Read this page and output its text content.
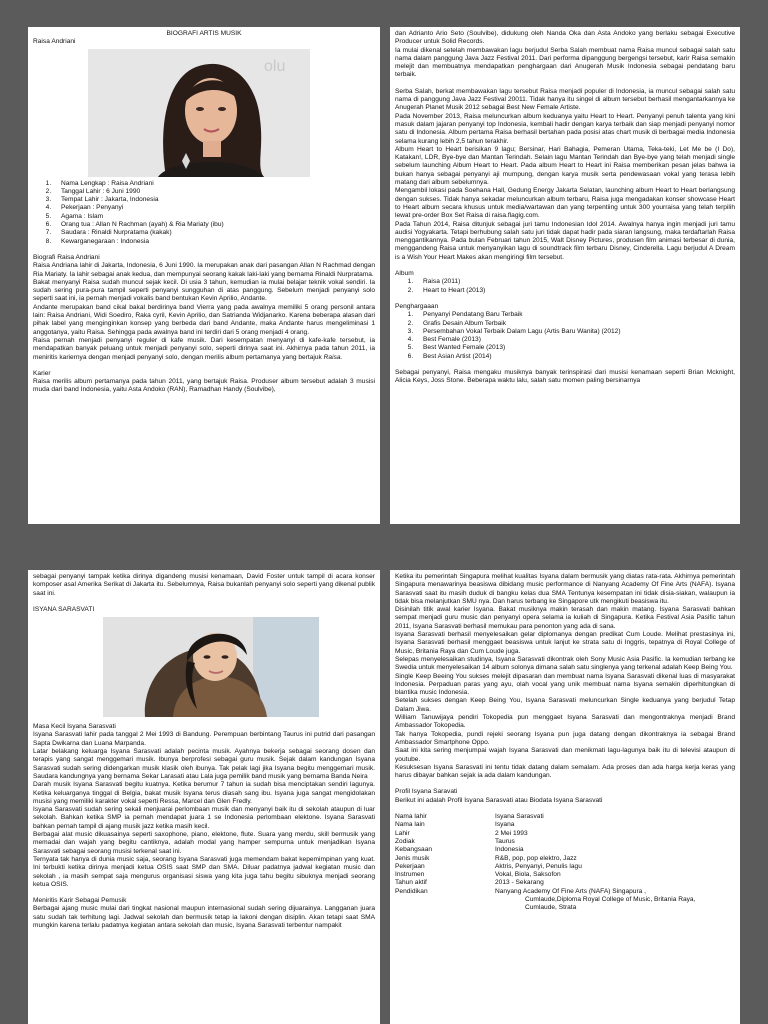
BIOGRAFI ARTIS MUSIK
Raisa Andriani
olu
1. Nama Lengkap : Raisa Andriani
2. Tanggal Lahir : 6 Juni 1990
3. Tempat Lahir : Jakarta, Indonesia
4. Pekerjaan : Penyanyi
5. Agama : Islam
6. Orang tua : Allan N Rachman (ayah) & Ria Mariaty (ibu)
7. Saudara : Rinaldi Nurpratama (kakak)
8. Kewarganegaraan : Indonesia
Biografi Raisa Andriani

Raisa Andriana lahir di Jakarta, Indonesia, 6 Juni 1990. Ia merupakan anak dari pasangan Allan N Rachmad dengan Ria Mariaty. Ia lahir sebagai anak kedua, dan mempunyai seorang kakak laki-laki yang bernama Rinaldi Nurpratama.

Bakat menyanyi Raisa sudah muncul sejak kecil. Di usia 3 tahun, kemudian ia mulai belajar teknik vokal sendiri. Ia sudah sering pura-pura tampil seperti penyanyi sungguhan di atas panggung. Sebelum menjadi penyanyi solo seperti saat ini, ia pernah menjadi vokalis band bentukan Kevin Aprilio, Andante.

Andante merupakan band cikal bakal berdirinya band Vierra yang pada awalnya memiliki 5 orang personil antara lain: Raisa Andriani, Widi Soediro, Raka cyril, Kevin Aprilio, dan Satrianda Widjanarko. Karena beberapa alasan dari pihak label yang menginginkan konsep yang berbeda dari band Andante, maka Andante harus mengeliminasi 1 anggotanya, yaitu Raisa. Sehingga pada awalnya band ini terdiri dari 5 orang menjadi 4 orang.

Raisa pernah menjadi penyanyi reguler di kafe musik. Dari kesempatan menyanyi di kafe-kafe tersebut, ia mendapatkan banyak peluang untuk menjadi penyanyi solo, seperti dirinya saat ini. Akhirnya pada tahun 2011, ia meniritis kariernya dengan menjadi penyanyi solo, dengan merilis album pertamanya yang bertajuk Raisa.

Karier

Raisa merilis album pertamanya pada tahun 2011, yang bertajuk Raisa. Produser album tersebut adalah 3 musisi muda dari band Indonesia, yaitu Asta Andoko (RAN), Ramadhan Handy (Soulvibe),

dan Adrianto Ario Seto (Soulvibe), didukung oleh Nanda Oka dan Asta Andoko yang berlaku sebagai Executive Producer untuk Solid Records.

Ia mulai dikenal setelah membawakan lagu berjudul Serba Salah membuat nama Raisa muncul sebagai salah satu nama dalam panggung Java Jazz Festival 2011. Dari performa dipanggung bergengsi tersebut, karir Raisa semakin melejit dan membuatnya mendapatkan penghargaan dari Anugerah Musik Indonesia sebagai pendatang baru terbaik.

Serba Salah, berkat membawakan lagu tersebut Raisa menjadi populer di Indonesia, ia muncul sebagai salah satu nama di panggung Java Jazz Festival 20011. Tidak hanya itu singel di album tersebut berhasil mengantarkannya ke Anugerah Planet Musik 2012 sebagai Best New Female Artiste.

Pada November 2013, Raisa meluncurkan album keduanya yaitu Heart to Heart. Penyanyi penuh talenta yang kini masuk dalam jajaran penyanyi top Indonesia, kembali hadir dengan karya terbaik dan siap menjadi penyanyi nomor satu di Indonesia. Album pertama Raisa berhasil bertahan pada posisi atas chart musik di berbagai media Indonesia selama kurang lebih 2,5 tahun terakhir.

Album Heart to Heart berisikan 9 lagu; Bersinar, Hari Bahagia, Pemeran Utama, Teka-teki, Let Me be (I Do), Katakan!, LDR, Bye-bye dan Mantan Terindah. Selain lagu Mantan Terindah dan Bye-bye yang telah menjadi single sebelum launching Album Heart to Heart. Pada album Heart to Heart ini Raisa memberikan pesan jelas bahwa ia bukan hanya sebagai penyanyi aji mumpung, dengan karya musik serta pendewasaan vokal yang terasa lebih matang dari album sebelumnya.

Mengambil lokasi pada Soehana Hall, Gedung Energy Jakarta Selatan, launching album Heart to Heart berlangsung dengan sukses. Tidak hanya sekadar meluncurkan album terbaru, Raisa juga mengadakan konser showcase Heart to Heart album secara khusus untuk media/wartawan dan yang terpentiing untuk 300 yourraisa yang telah terpilih lewat pre-order Box Set Raisa di raisa.flagig.com.

Pada Tahun 2014, Raisa ditunjuk sebagai juri tamu Indonesian Idol 2014. Awalnya hanya ingin menjadi juri tamu audisi Yogyakarta. Tetapi berhubung salah satu juri tidak dapat hadir pada siaran langsung, maka terdaftarlah Raisa menggantikannya. Pada bulan Februari tahun 2015, Walt Disney Pictures, produsen film animasi terbesar di dunia, menggandeng Raisa untuk menyanyikan lagu di soundtrack film terbaru Disney, Cinderella. Lagu berjudul A Dream is a Wish Your Heart Makes akan mengiringi film tersebut.

Album
1. Raisa (2011)
2. Heart to Heart (2013)
Penghargaaan
1. Penyanyi Pendatang Baru Terbaik
2. Grafis Desain Album Terbaik
3. Persembahan Vokal Terbaik Dalam Lagu (Artis Baru Wanita) (2012)
4. Best Female (2013)
5. Best Wanted Female (2013)
6. Best Asian Artist (2014)

Sebagai penyanyi, Raisa mengaku musiknya banyak terinspirasi dari musisi kenamaan seperti Brian Mcknight, Alicia Keys, Joss Stone. Beberapa waktu lalu, salah satu momen paling bersinarnya

sebagai penyanyi tampak ketika dirinya digandeng musisi kenamaan, David Foster untuk tampil di acara konser komposer asal Amerika Serikat di Jakarta itu. Sebelumnya, Raisa bukanlah penyanyi solo seperti yang dikenal publik saat ini.

ISYANA SARASVATI
Masa Kecil Isyana Sarasvati

Isyana Sarasvati lahir pada tanggal 2 Mei 1993 di Bandung. Perempuan berbintang Taurus ini putrid dari pasangan Sapta Dwikarna dan Luana Marpanda.

Latar belakang keluarga Isyana Sarasvati adalah pecinta musik. Ayahnya bekerja sebagai seorang dosen dan terapis yang sangat menggemari musik. Ibunya berprofesi sebagai guru musik. Sejak dalam kandungan Isyana Sarasvati sudah sering didengarkan musik klasik oleh ibunya. Tak pelak lagi jika Isyana begitu menggemari musik. Saudara kandungnya yang bernama Sekar Larasati atau Lala juga pemilik band musik yang bernama Banda Neira

Darah musik Isyana Sarasvati begitu kuatnya. Ketika berumur 7 tahun ia sudah bisa menciptakan sendiri lagunya. Ketika keluarganya tinggal di Belgia, bakat musik Isyana terus diasah sang ibu. Isyana juga sangat mengidolakan musisi yang memiliki karakter vokal seperti Ressa, Marcel dan Glen Fredly.

Isyana Sarasvati sudah sering sekali menjuarai perlombaan musik dan menyanyi baik itu di sekolah ataupun di luar sekolah. Bahkan ketika SMP ia pernah mendapat juara 1 se Indonesia perlombaan elektone. Isyana Sarasvati bahkan pernah tampil di ajang musik jazz ketika masih kecil.

Berbagai alat music dikuasainya seperti saxophone, piano, elektone, flute. Suara yang merdu, skill bermusik yang memadai dan wajah yang begitu cantiknya, adalah modal yang hamper sempurna untuk menjadikan Isyana Sarasvati sebagai seorang musisi terkenal saat ini.

Ternyata tak hanya di dunia music saja, seorang Isyana Sarasvati juga memendam bakat kepemimpinan yang kuat. Ini terbukti ketika dirinya menjadi ketua OSIS saat SMP dan SMA. Diluar padatnya jadwal kegiatan music dan sekolah , ia masih sempat saja mengurus organisasi siswa yang kita juga tahu begitu sibuknya menjadi seorang ketua OSIS.

Meniritis Karir Sebagai Pemusik

Berbagai ajang music mulai dari tingkat nasional maupun internasional sudah sering dijuarainya. Langganan juara satu sudah tak terhitung lagi. Jadwal sekolah dan bermusik tetap ia lakoni dengan disiplin. Akan tetapi saat SMA mungkin karena terlalu padatnya kegiatan antara sekolah dan music, Isyana Sarasvati terbentur nampakit

Ketika itu pemerintah Singapura melihat kualitas Isyana dalam bermusik yang diatas rata-rata. Akhirnya pemerintah Singapura menawarinya beasiswa dibidang music performance di Nanyang Academy Of Fine Arts (NAFA). Isyana Sarasvati saat itu masih duduk di bangku kelas dua SMA Tentunya kesempatan ini tidak disia-siakan, walaupun ia tidak bisa melanjutkan SMU nya. Dan harus terbang ke Singapore utk mengikuti beasiswa itu.

Disinilah titik awal karier Isyana. Bakat musiknya makin terasah dan makin matang. Isyana Sarasvati bahkan sempat menjadi guru music dan penyanyi opera selama ia kuliah di Singapura. Ketika Festival Asia Pasific tahun 2011, Isyana Sarasvati berhasil memukau para penonton yang ada di sana.

Isyana Sarasvati berhasil menyelesaikan gelar diplomanya dengan predikat Cum Loude. Melihat prestasinya ini, Isyana Sarasvati berhasil menggaet beasiswa untuk lanjut ke strata satu di Inggris, tepatnya di Royal College of Music, Britania Raya dan Cum Loude juga.

Selepas menyelesaikan studinya, Isyana Sarasvati dikontrak oleh Sony Music Asia Pasific. Ia kemudian terbang ke Swedia untuk menyelesaikan 14 album solonya dimana salah satu singlenya yang terkenal adalah Keep Being You.

Single Keep Beeing You sukses melejit dipasaran dan membuat nama Isyana Sarasvati dikenal luas di masyarakat Indonesia. Perpaduan paras yang ayu, olah vocal yang unik membuat nama Isyana semakin diperhitungkan di blantika music Indonesia.

Setelah sukses dengan Keep Being You, Isyana Sarasvati meluncurkan Single keduanya yang berjudul Tetap Dalam Jiwa.

William Tanuwijaya pendiri Tokopedia pun menggaet Isyana Sarasvati dan mengontraknya menjadi Brand Ambassador Tokopedia.

Tak hanya Tokopedia, pundi rejeki seorang Isyana pun juga datang dengan dikontraknya ia sebagai Brand Ambassador Smartphone Oppo.

Saat ini kita sering menjumpai wajah Isyana Sarasvati dan menikmati lagu-lagunya baik itu di televisi ataupun di youtube.

Kesuksesan Isyana Sarasvati ini tentu tidak datang dalam semalam. Ada proses dan ada harga kerja keras yang harus dibayar bahkan sejak ia ada dalam kandungan.

Profil Isyana Saravati
Berikut ini adalah Profil Isyana Sarasvati atau Biodata Isyana Sarasvati
Nama lahir	Isyana Sarasvati
Nama lain	Isyana
Lahir	2 Mei 1993
Zodiak	Taurus
Kebangsaan	Indonesia
Jenis musik	R&B, pop, pop elektro, Jazz
Pekerjaan	Aktris, Penyanyi, Penulis lagu
Instrumen	Vokal, Biola, Saksofon
Tahun aktif	2013 - Sekarang
Pendidikan	Nanyang Academy Of Fine Arts (NAFA) Singapura ,
	Cumlaude,Diploma Royal College of Music, Britania Raya,
	Cumlaude, Strata
